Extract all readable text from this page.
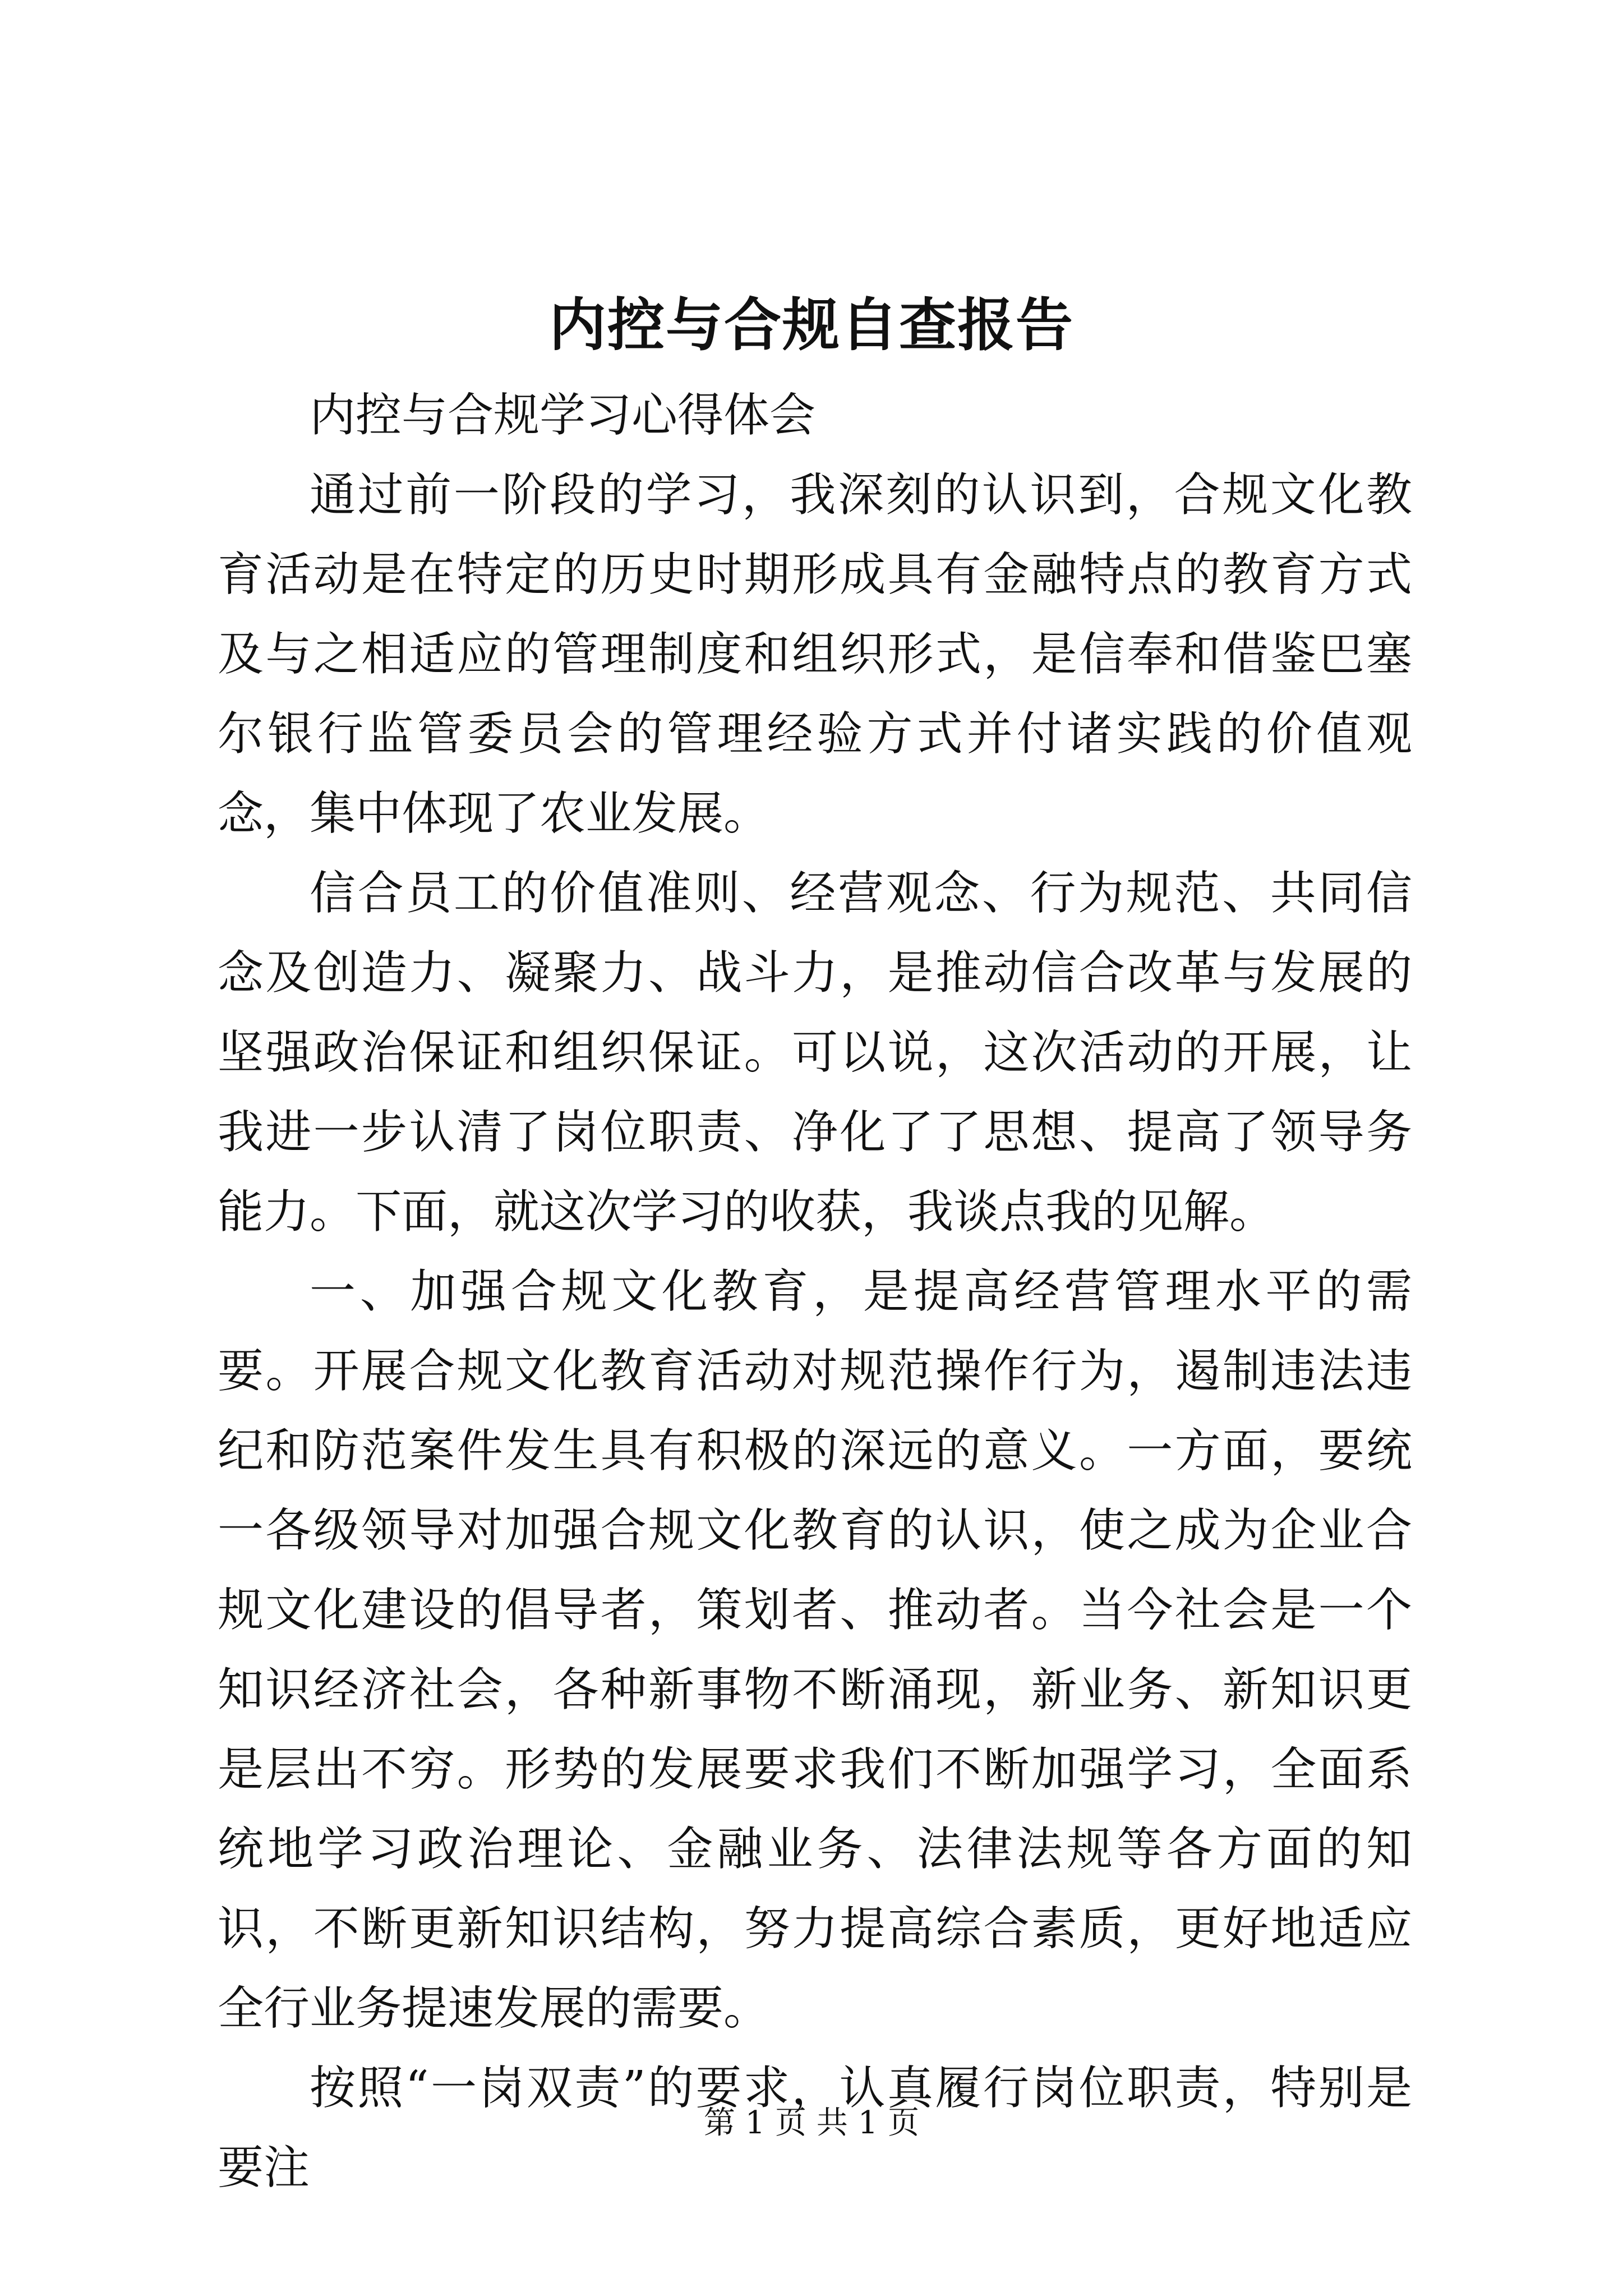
内控与合规自查报告

内控与合规学习心得体会

通过前一阶段的学习，我深刻的认识到，合规文化教育活动是在特定的历史时期形成具有金融特点的教育方式及与之相适应的管理制度和组织形式，是信奉和借鉴巴塞尔银行监管委员会的管理经验方式并付诸实践的价值观念，集中体现了农业发展。

信合员工的价值准则、经营观念、行为规范、共同信念及创造力、凝聚力、战斗力，是推动信合改革与发展的坚强政治保证和组织保证。可以说，这次活动的开展，让我进一步认清了岗位职责、净化了了思想、提高了领导务能力。下面，就这次学习的收获，我谈点我的见解。

一、加强合规文化教育，是提高经营管理水平的需要。开展合规文化教育活动对规范操作行为，遏制违法违纪和防范案件发生具有积极的深远的意义。一方面，要统一各级领导对加强合规文化教育的认识，使之成为企业合规文化建设的倡导者，策划者、推动者。当今社会是一个知识经济社会，各种新事物不断涌现，新业务、新知识更是层出不穷。形势的发展要求我们不断加强学习，全面系统地学习政治理论、金融业务、法律法规等各方面的知识，不断更新知识结构，努力提高综合素质，更好地适应全行业务提速发展的需要。

按照“一岗双责”的要求，认真履行岗位职责，特别是要注

第 1 页 共 1 页
